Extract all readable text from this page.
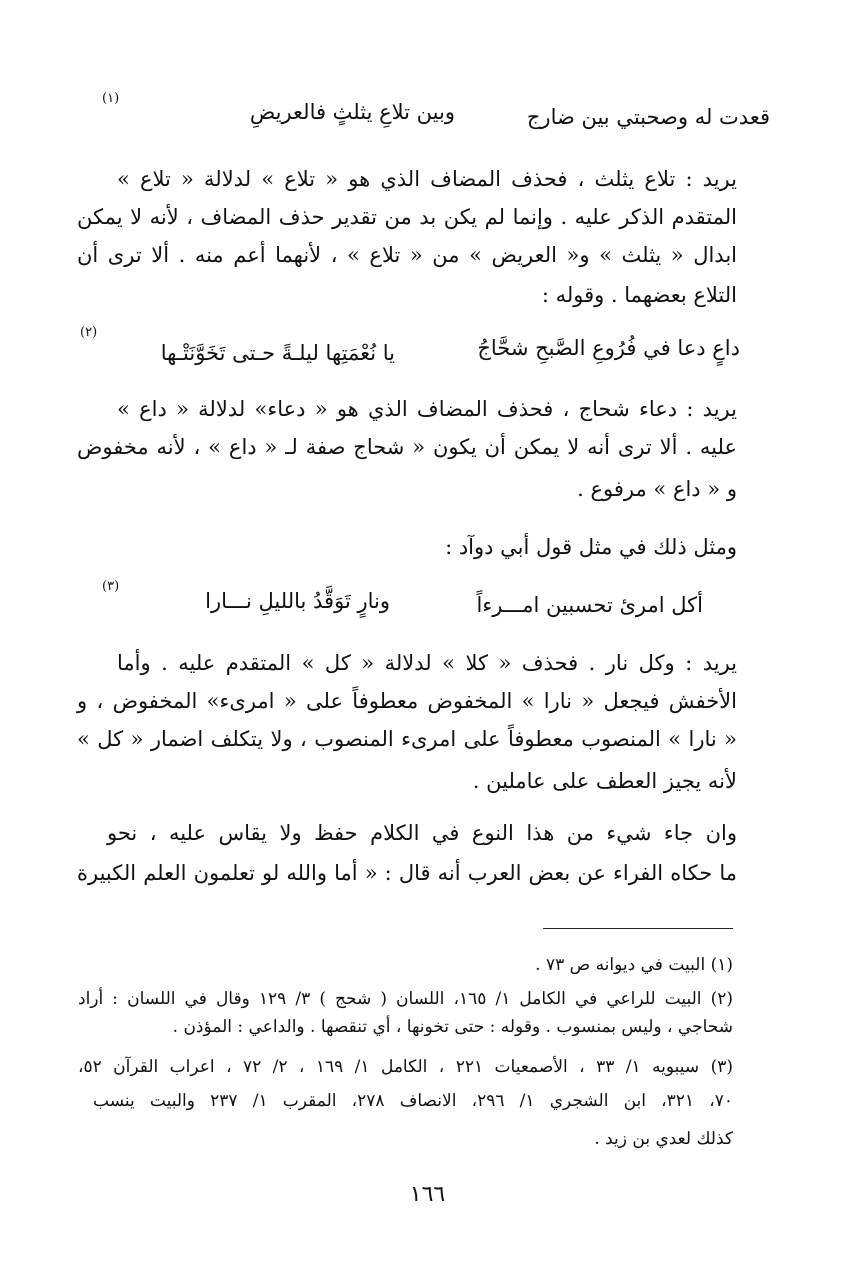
قعدت له وصحبتي بين ضارج
وبين تلاعِ يثلثٍ فالعريضِ
(١)
يريد : تلاع يثلث ، فحذف المضاف الذي هو « تلاع » لدلالة « تلاع »
المتقدم الذكر عليه . وإنما لم يكن بد من تقدير حذف المضاف ، لأنه لا يمكن
ابدال « يثلث » و« العريض » من « تلاع » ، لأنهما أعم منه . ألا ترى أن
التلاع بعضهما . وقوله :
يا نُعْمَتِها ليلـةً حـتى تَخَوَّنَتْـها	داعٍ دعا في فُرُوعِ الصَّبحِ شحَّاجُ
(٢)
يريد : دعاء شحاج ، فحذف المضاف الذي هو « دعاء» لدلالة « داع »
عليه . ألا ترى أنه لا يمكن أن يكون « شحاج صفة لـ « داع » ، لأنه مخفوض
و « داع » مرفوع .
ومثل ذلك في مثل قول أبي دوآد :
أكل امرئ تحسبين امـــرءاً
ونارٍ تَوَقَّدُ بالليلِ نـــارا
(٣)
يريد : وكل نار . فحذف « كلا » لدلالة « كل » المتقدم عليه . وأما
الأخفش فيجعل « نارا » المخفوض معطوفاً على « امرىء» المخفوض ، و
« نارا » المنصوب معطوفاً على امرىء المنصوب ، ولا يتكلف اضمار « كل »
لأنه يجيز العطف على عاملين .
وان جاء شيء من هذا النوع في الكلام حفظ ولا يقاس عليه ، نحو
ما حكاه الفراء عن بعض العرب أنه قال : « أما والله لو تعلمون العلم الكبيرة
(١) البيت في ديوانه ص ٧٣ .
(٢) البيت للراعي في الكامل ١/ ١٦٥، اللسان ( شحج ) ٣/ ١٢٩ وقال في اللسان : أراد
شحاجي ، وليس بمنسوب . وقوله : حتى تخونها ، أي تنقصها . والداعي : المؤذن .
(٣) سيبويه ١/ ٣٣ ، الأصمعيات ٢٢١ ، الكامل ١/ ١٦٩ ، ٢/ ٧٢ ، اعراب القرآن ٥٢،
٧٠، ٣٢١، ابن الشجري ١/ ٢٩٦، الانصاف ٢٧٨، المقرب ١/ ٢٣٧ والبيت ينسب
كذلك لعدي بن زيد .
١٦٦
